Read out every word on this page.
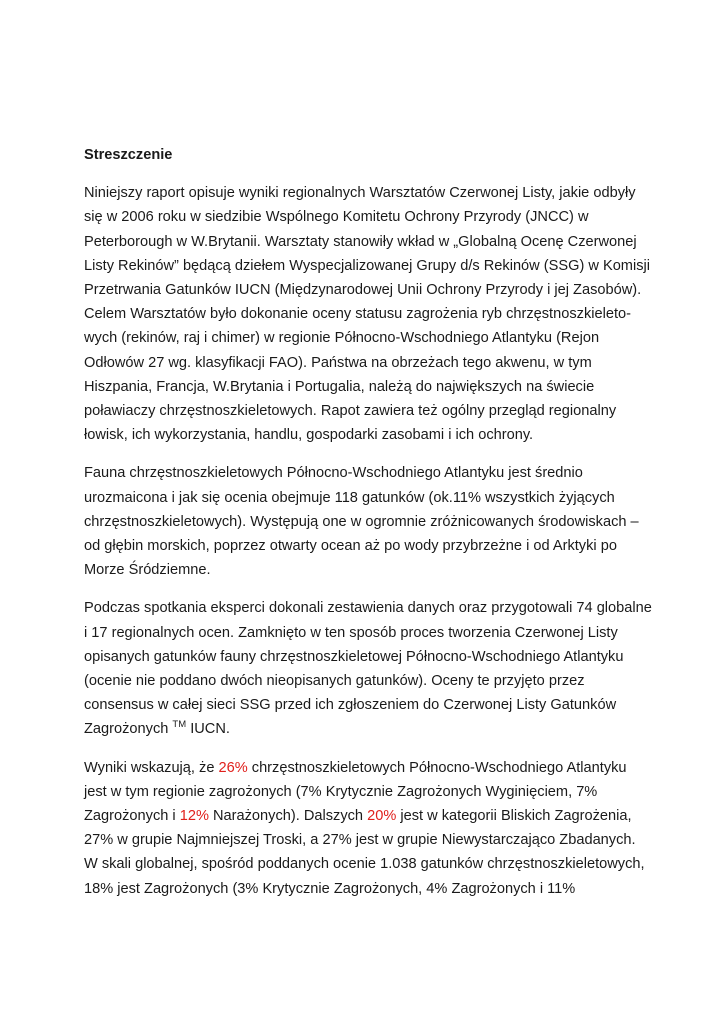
Streszczenie

Niniejszy raport opisuje wyniki regionalnych Warsztatów Czerwonej Listy, jakie odbyły
się w 2006 roku w siedzibie Wspólnego Komitetu Ochrony Przyrody (JNCC) w
Peterborough w W.Brytanii. Warsztaty stanowiły wkład w „Globalną Ocenę Czerwonej
Listy Rekinów” będącą dziełem Wyspecjalizowanej Grupy d/s Rekinów (SSG) w Komisji
Przetrwania Gatunków IUCN (Międzynarodowej Unii Ochrony Przyrody i jej Zasobów).
Celem Warsztatów było dokonanie oceny statusu zagrożenia ryb chrzęstnoszkieleto-
wych (rekinów, raj i chimer) w regionie Północno-Wschodniego Atlantyku (Rejon
Odłowów 27 wg. klasyfikacji FAO). Państwa na obrzeżach tego akwenu, w tym
Hiszpania, Francja, W.Brytania i Portugalia, należą do największych na świecie
poławiaczy chrzęstnoszkieletowych. Rapot zawiera też ogólny przegląd regionalny
łowisk, ich wykorzystania, handlu, gospodarki zasobami i ich ochrony.

Fauna chrzęstnoszkieletowych Północno-Wschodniego Atlantyku jest średnio
urozmaicona i jak się ocenia obejmuje 118 gatunków (ok.11% wszystkich żyjących
chrzęstnoszkieletowych). Występują one w ogromnie zróżnicowanych środowiskach –
od głębin morskich, poprzez otwarty ocean aż po wody przybrzeżne i od Arktyki po
Morze Śródziemne.

Podczas spotkania eksperci dokonali zestawienia danych oraz przygotowali 74 globalne
i 17 regionalnych ocen. Zamknięto w ten sposób proces tworzenia Czerwonej Listy
opisanych gatunków fauny chrzęstnoszkieletowej Północno-Wschodniego Atlantyku
(ocenie nie poddano dwóch nieopisanych gatunków). Oceny te przyjęto przez
consensus w całej sieci SSG przed ich zgłoszeniem do Czerwonej Listy Gatunków
Zagrożonych ™ IUCN.

Wyniki wskazują, że 26% chrzęstnoszkieletowych Północno-Wschodniego Atlantyku
jest w tym regionie zagrożonych (7% Krytycznie Zagrożonych Wyginięciem, 7%
Zagrożonych i 12% Narażonych). Dalszych 20% jest w kategorii Bliskich Zagrożenia,
27% w grupie Najmniejszej Troski, a 27% jest w grupie Niewystarczająco Zbadanych.
W skali globalnej, spośród poddanych ocenie 1.038 gatunków chrzęstnoszkieletowych,
18% jest Zagrożonych (3% Krytycznie Zagrożonych, 4% Zagrożonych i 11%
